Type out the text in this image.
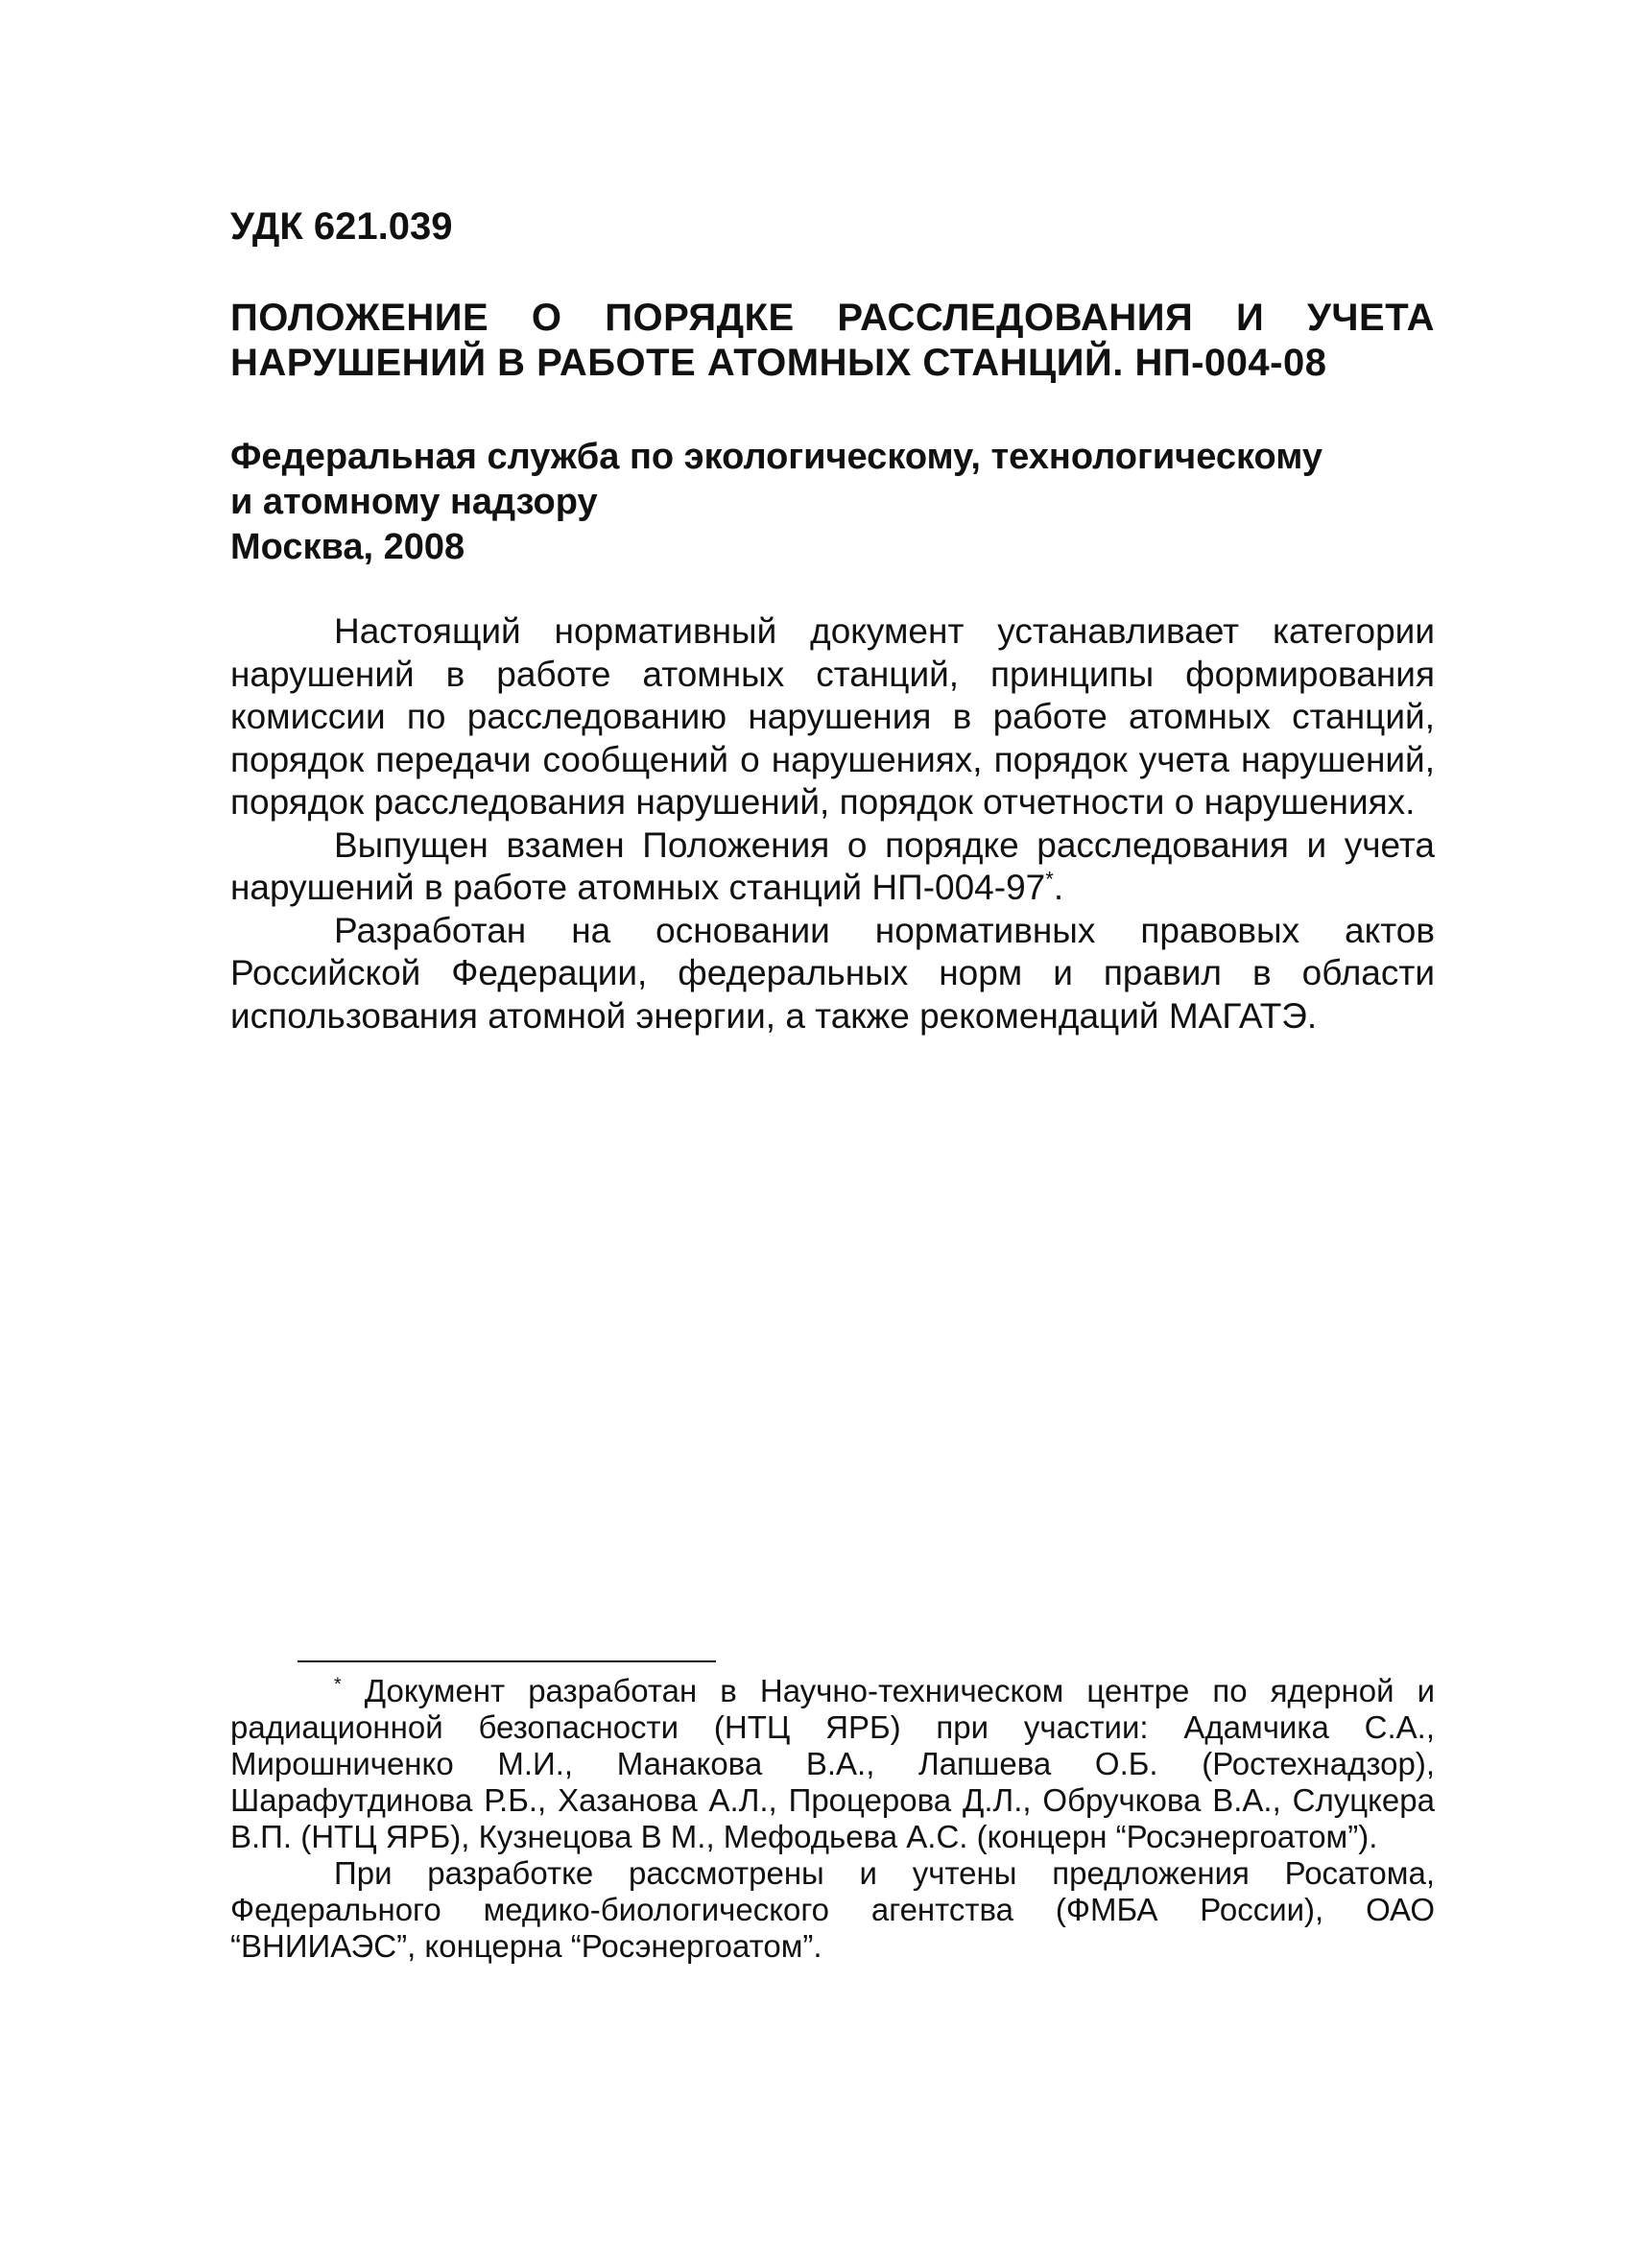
УДК 621.039
ПОЛОЖЕНИЕ О ПОРЯДКЕ РАССЛЕДОВАНИЯ И УЧЕТА
НАРУШЕНИЙ В РАБОТЕ АТОМНЫХ СТАНЦИЙ. НП-004-08
Федеральная служба по экологическому, технологическому
и атомному надзору
Москва, 2008

Настоящий нормативный документ устанавливает категории нарушений в работе атомных станций, принципы формирования комиссии по расследованию нарушения в работе атомных станций, порядок передачи сообщений о нарушениях, порядок учета нарушений, порядок расследования нарушений, порядок отчетности о нарушениях.

Выпущен взамен Положения о порядке расследования и учета нарушений в работе атомных станций НП-004-97*.

Разработан на основании нормативных правовых актов Российской Федерации, федеральных норм и правил в области использования атомной энергии, а также рекомендаций МАГАТЭ.

* Документ разработан в Научно-техническом центре по ядерной и радиационной безопасности (НТЦ ЯРБ) при участии: Адамчика С.А., Мирошниченко М.И., Манакова В.А., Лапшева О.Б. (Ростехнадзор), Шарафутдинова Р.Б., Хазанова А.Л., Процерова Д.Л., Обручкова В.А., Слуцкера В.П. (НТЦ ЯРБ), Кузнецова В М., Мефодьева А.С. (концерн “Росэнергоатом”).

При разработке рассмотрены и учтены предложения Росатома, Федерального медико-биологического агентства (ФМБА России), ОАО “ВНИИАЭС”, концерна “Росэнергоатом”.
